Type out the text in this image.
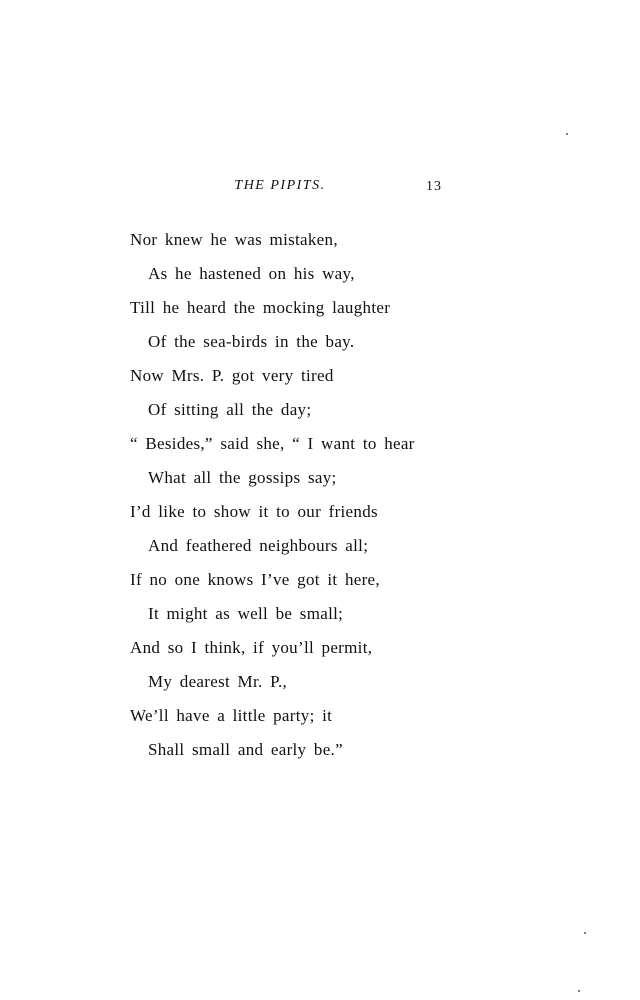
THE PIPITS.	13
Nor knew he was mistaken,
As he hastened on his way,
Till he heard the mocking laughter
Of the sea-birds in the bay.
Now Mrs. P. got very tired
Of sitting all the day;
“ Besides,” said she, “ I want to hear
What all the gossips say;
I’d like to show it to our friends
And feathered neighbours all;
If no one knows I’ve got it here,
It might as well be small;
And so I think, if you’ll permit,
My dearest Mr. P.,
We’ll have a little party; it
Shall small and early be.”
